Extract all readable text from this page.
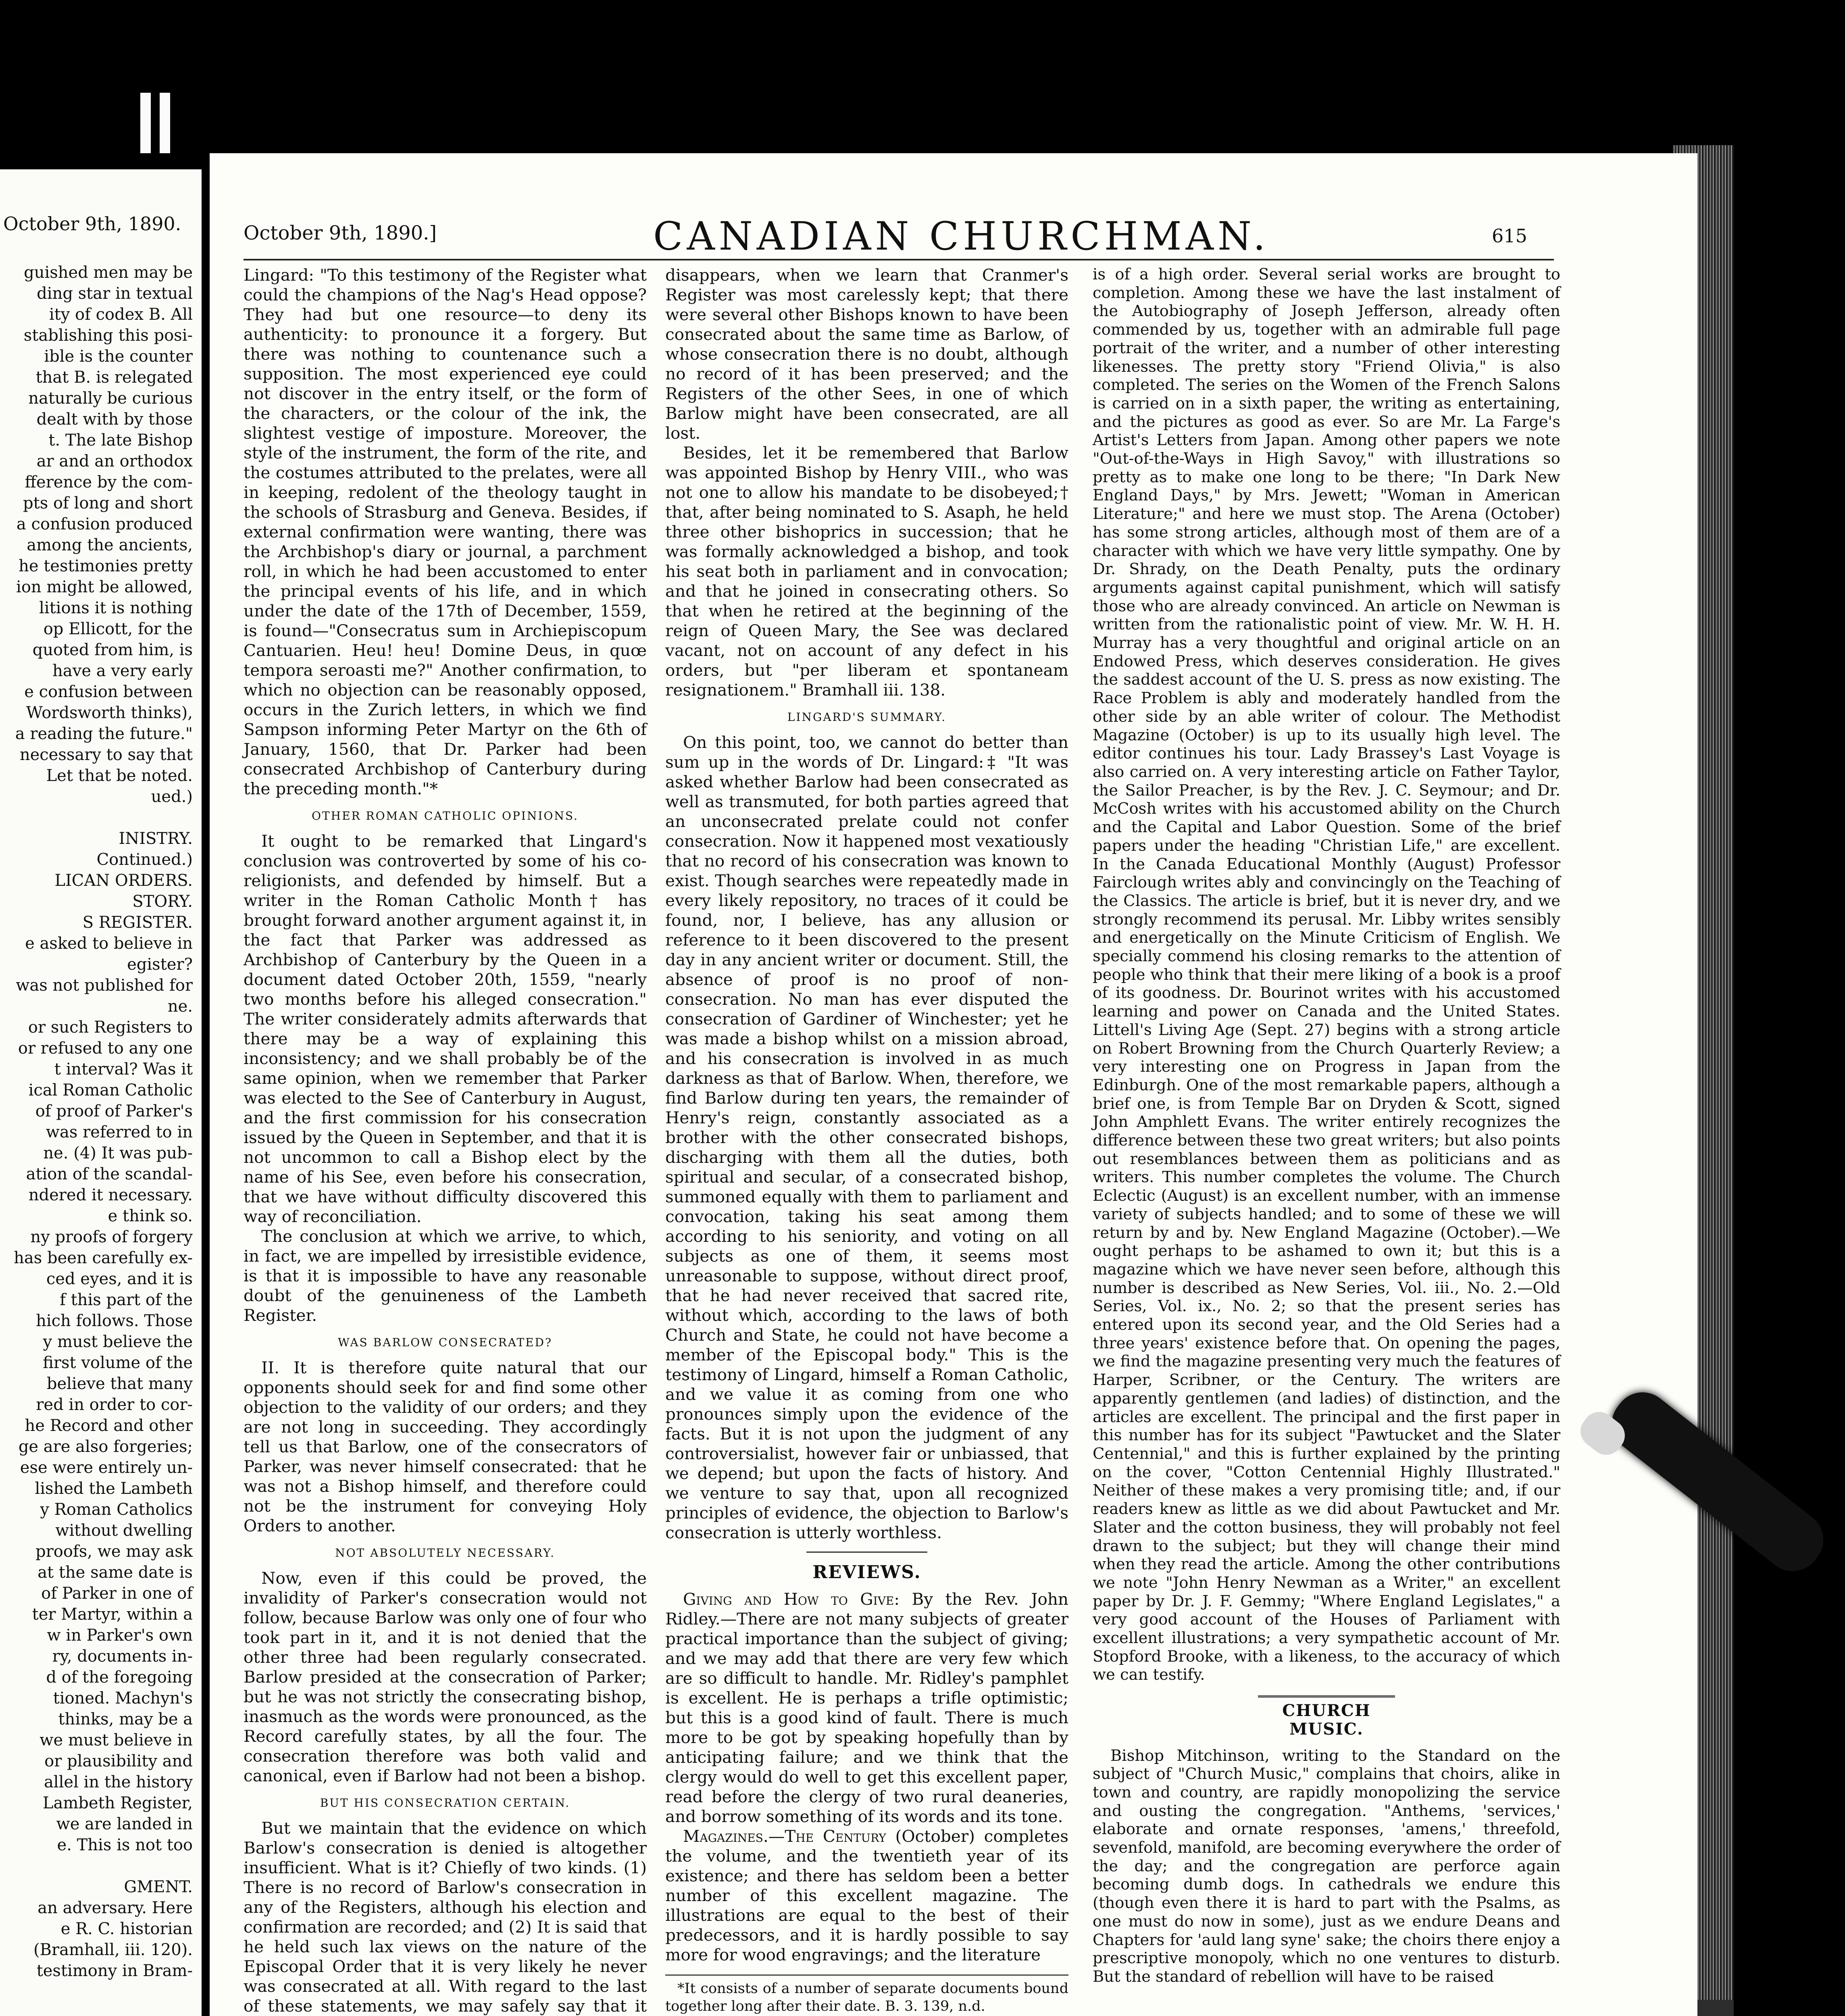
October 9th, 1890.
guished men may be
ding star in textual
ity of codex B. All
stablishing this posi-
ible is the counter
that B. is relegated
naturally be curious
dealt with by those
t. The late Bishop
ar and an orthodox
fference by the com-
pts of long and short
a confusion produced
among the ancients,
he testimonies pretty
ion might be allowed,
litions it is nothing
op Ellicott, for the
quoted from him, is
have a very early
e confusion between
Wordsworth thinks),
a reading the future."
necessary to say that
Let that be noted.
ued.)

INISTRY.
Continued.)
LICAN ORDERS.
STORY.
S REGISTER.
e asked to believe in
egister?
was not published for
ne.
or such Registers to
or refused to any one
t interval? Was it
ical Roman Catholic
of proof of Parker's
was referred to in
ne. (4) It was pub-
ation of the scandal-
ndered it necessary.
e think so.
ny proofs of forgery
has been carefully ex-
ced eyes, and it is
f this part of the
hich follows. Those
y must believe the
first volume of the
believe that many
red in order to cor-
he Record and other
ge are also forgeries;
ese were entirely un-
lished the Lambeth
y Roman Catholics
without dwelling
proofs, we may ask
at the same date is
of Parker in one of
ter Martyr, within a
w in Parker's own
ry, documents in-
d of the foregoing
tioned. Machyn's
thinks, may be a
we must believe in
or plausibility and
allel in the history
Lambeth Register,
we are landed in
e. This is not too

GMENT.
an adversary. Here
e R. C. historian
(Bramhall, iii. 120).
testimony in Bram-
October 9th, 1890.]	CANADIAN CHURCHMAN.	615

Lingard: "To this testimony of the Register what could the champions of the Nag's Head oppose? They had but one resource—to deny its authenticity: to pronounce it a forgery. But there was nothing to countenance such a supposition. The most experienced eye could not discover in the entry itself, or the form of the characters, or the colour of the ink, the slightest vestige of imposture. Moreover, the style of the instrument, the form of the rite, and the costumes attributed to the prelates, were all in keeping, redolent of the theology taught in the schools of Strasburg and Geneva. Besides, if external confirmation were wanting, there was the Archbishop's diary or journal, a parchment roll, in which he had been accustomed to enter the principal events of his life, and in which under the date of the 17th of December, 1559, is found—"Consecratus sum in Archiepiscopum Cantuarien. Heu! heu! Domine Deus, in quœ tempora seroasti me?" Another confirmation, to which no objection can be reasonably opposed, occurs in the Zurich letters, in which we find Sampson informing Peter Martyr on the 6th of January, 1560, that Dr. Parker had been consecrated Archbishop of Canterbury during the preceding month."*

OTHER ROMAN CATHOLIC OPINIONS.

It ought to be remarked that Lingard's conclusion was controverted by some of his co-religionists, and defended by himself. But a writer in the Roman Catholic Month† has brought forward another argument against it, in the fact that Parker was addressed as Archbishop of Canterbury by the Queen in a document dated October 20th, 1559, "nearly two months before his alleged consecration." The writer considerately admits afterwards that there may be a way of explaining this inconsistency; and we shall probably be of the same opinion, when we remember that Parker was elected to the See of Canterbury in August, and the first commission for his consecration issued by the Queen in September, and that it is not uncommon to call a Bishop elect by the name of his See, even before his consecration, that we have without difficulty discovered this way of reconciliation.

The conclusion at which we arrive, to which, in fact, we are impelled by irresistible evidence, is that it is impossible to have any reasonable doubt of the genuineness of the Lambeth Register.

WAS BARLOW CONSECRATED?

II. It is therefore quite natural that our opponents should seek for and find some other objection to the validity of our orders; and they are not long in succeeding. They accordingly tell us that Barlow, one of the consecrators of Parker, was never himself consecrated: that he was not a Bishop himself, and therefore could not be the instrument for conveying Holy Orders to another.

NOT ABSOLUTELY NECESSARY.

Now, even if this could be proved, the invalidity of Parker's consecration would not follow, because Barlow was only one of four who took part in it, and it is not denied that the other three had been regularly consecrated. Barlow presided at the consecration of Parker; but he was not strictly the consecrating bishop, inasmuch as the words were pronounced, as the Record carefully states, by all the four. The consecration therefore was both valid and canonical, even if Barlow had not been a bishop.

BUT HIS CONSECRATION CERTAIN.

But we maintain that the evidence on which Barlow's consecration is denied is altogether insufficient. What is it? Chiefly of two kinds. (1) There is no record of Barlow's consecration in any of the Registers, although his election and confirmation are recorded; and (2) It is said that he held such lax views on the nature of the Episcopal Order that it is very likely he never was consecrated at all. With regard to the last of these statements, we may safely say that it

disappears, when we learn that Cranmer's Register was most carelessly kept; that there were several other Bishops known to have been consecrated about the same time as Barlow, of whose consecration there is no doubt, although no record of it has been preserved; and the Registers of the other Sees, in one of which Barlow might have been consecrated, are all lost.

Besides, let it be remembered that Barlow was appointed Bishop by Henry VIII., who was not one to allow his mandate to be disobeyed;† that, after being nominated to S. Asaph, he held three other bishoprics in succession; that he was formally acknowledged a bishop, and took his seat both in parliament and in convocation; and that he joined in consecrating others. So that when he retired at the beginning of the reign of Queen Mary, the See was declared vacant, not on account of any defect in his orders, but "per liberam et spontaneam resignationem." Bramhall iii. 138.

LINGARD'S SUMMARY.

On this point, too, we cannot do better than sum up in the words of Dr. Lingard:‡ "It was asked whether Barlow had been consecrated as well as transmuted, for both parties agreed that an unconsecrated prelate could not confer consecration. Now it happened most vexatiously that no record of his consecration was known to exist. Though searches were repeatedly made in every likely repository, no traces of it could be found, nor, I believe, has any allusion or reference to it been discovered to the present day in any ancient writer or document. Still, the absence of proof is no proof of non-consecration. No man has ever disputed the consecration of Gardiner of Winchester; yet he was made a bishop whilst on a mission abroad, and his consecration is involved in as much darkness as that of Barlow. When, therefore, we find Barlow during ten years, the remainder of Henry's reign, constantly associated as a brother with the other consecrated bishops, discharging with them all the duties, both spiritual and secular, of a consecrated bishop, summoned equally with them to parliament and convocation, taking his seat among them according to his seniority, and voting on all subjects as one of them, it seems most unreasonable to suppose, without direct proof, that he had never received that sacred rite, without which, according to the laws of both Church and State, he could not have become a member of the Episcopal body." This is the testimony of Lingard, himself a Roman Catholic, and we value it as coming from one who pronounces simply upon the evidence of the facts. But it is not upon the judgment of any controversialist, however fair or unbiassed, that we depend; but upon the facts of history. And we venture to say that, upon all recognized principles of evidence, the objection to Barlow's consecration is utterly worthless.

REVIEWS.

Giving and How to Give: By the Rev. John Ridley.—There are not many subjects of greater practical importance than the subject of giving; and we may add that there are very few which are so difficult to handle. Mr. Ridley's pamphlet is excellent. He is perhaps a trifle optimistic; but this is a good kind of fault. There is much more to be got by speaking hopefully than by anticipating failure; and we think that the clergy would do well to get this excellent paper, read before the clergy of two rural deaneries, and borrow something of its words and its tone.

Magazines.—The Century (October) completes the volume, and the twentieth year of its existence; and there has seldom been a better number of this excellent magazine. The illustrations are equal to the best of their predecessors, and it is hardly possible to say more for wood engravings; and the literature

*It consists of a number of separate documents bound together long after their date. B. 3. 139, n.d.

is of a high order. Several serial works are brought to completion. Among these we have the last instalment of the Autobiography of Joseph Jefferson, already often commended by us, together with an admirable full page portrait of the writer, and a number of other interesting likenesses. The pretty story "Friend Olivia," is also completed. The series on the Women of the French Salons is carried on in a sixth paper, the writing as entertaining, and the pictures as good as ever. So are Mr. La Farge's Artist's Letters from Japan. Among other papers we note "Out-of-the-Ways in High Savoy," with illustrations so pretty as to make one long to be there; "In Dark New England Days," by Mrs. Jewett; "Woman in American Literature;" and here we must stop. The Arena (October) has some strong articles, although most of them are of a character with which we have very little sympathy. One by Dr. Shrady, on the Death Penalty, puts the ordinary arguments against capital punishment, which will satisfy those who are already convinced. An article on Newman is written from the rationalistic point of view. Mr. W. H. H. Murray has a very thoughtful and original article on an Endowed Press, which deserves consideration. He gives the saddest account of the U. S. press as now existing. The Race Problem is ably and moderately handled from the other side by an able writer of colour. The Methodist Magazine (October) is up to its usually high level. The editor continues his tour. Lady Brassey's Last Voyage is also carried on. A very interesting article on Father Taylor, the Sailor Preacher, is by the Rev. J. C. Seymour; and Dr. McCosh writes with his accustomed ability on the Church and the Capital and Labor Question. Some of the brief papers under the heading "Christian Life," are excellent. In the Canada Educational Monthly (August) Professor Fairclough writes ably and convincingly on the Teaching of the Classics. The article is brief, but it is never dry, and we strongly recommend its perusal. Mr. Libby writes sensibly and energetically on the Minute Criticism of English. We specially commend his closing remarks to the attention of people who think that their mere liking of a book is a proof of its goodness. Dr. Bourinot writes with his accustomed learning and power on Canada and the United States. Littell's Living Age (Sept. 27) begins with a strong article on Robert Browning from the Church Quarterly Review; a very interesting one on Progress in Japan from the Edinburgh. One of the most remarkable papers, although a brief one, is from Temple Bar on Dryden & Scott, signed John Amphlett Evans. The writer entirely recognizes the difference between these two great writers; but also points out resemblances between them as politicians and as writers. This number completes the volume. The Church Eclectic (August) is an excellent number, with an immense variety of subjects handled; and to some of these we will return by and by. New England Magazine (October).—We ought perhaps to be ashamed to own it; but this is a magazine which we have never seen before, although this number is described as New Series, Vol. iii., No. 2.—Old Series, Vol. ix., No. 2; so that the present series has entered upon its second year, and the Old Series had a three years' existence before that. On opening the pages, we find the magazine presenting very much the features of Harper, Scribner, or the Century. The writers are apparently gentlemen (and ladies) of distinction, and the articles are excellent. The principal and the first paper in this number has for its subject "Pawtucket and the Slater Centennial," and this is further explained by the printing on the cover, "Cotton Centennial Highly Illustrated." Neither of these makes a very promising title; and, if our readers knew as little as we did about Pawtucket and Mr. Slater and the cotton business, they will probably not feel drawn to the subject; but they will change their mind when they read the article. Among the other contributions we note "John Henry Newman as a Writer," an excellent paper by Dr. J. F. Gemmy; "Where England Legislates," a very good account of the Houses of Parliament with excellent illustrations; a very sympathetic account of Mr. Stopford Brooke, with a likeness, to the accuracy of which we can testify.

CHURCH MUSIC.

Bishop Mitchinson, writing to the Standard on the subject of "Church Music," complains that choirs, alike in town and country, are rapidly monopolizing the service and ousting the congregation. "Anthems, 'services,' elaborate and ornate responses, 'amens,' threefold, sevenfold, manifold, are becoming everywhere the order of the day; and the congregation are perforce again becoming dumb dogs. In cathedrals we endure this (though even there it is hard to part with the Psalms, as one must do now in some), just as we endure Deans and Chapters for 'auld lang syne' sake; the choirs there enjoy a prescriptive monopoly, which no one ventures to disturb. But the standard of rebellion will have to be raised
